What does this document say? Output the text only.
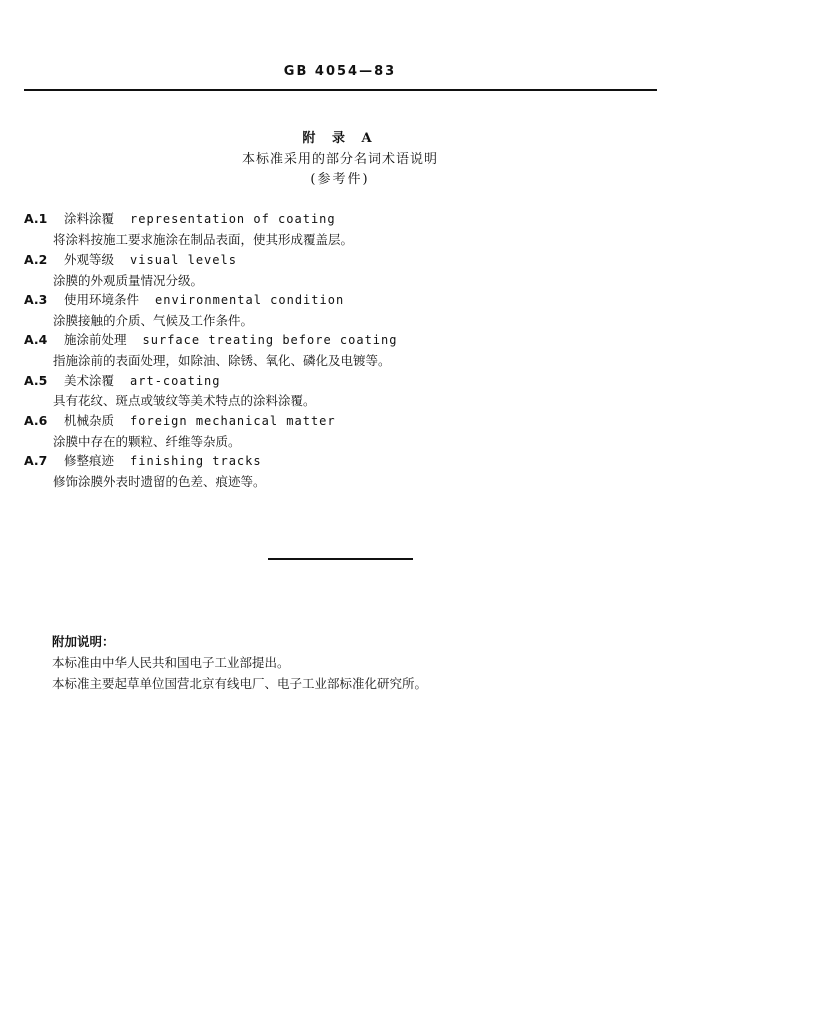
GB 4054—83
附 录 A
本标准采用的部分名词术语说明
(参考件)
A.1	涂料涂覆 representation of coating
将涂料按施工要求施涂在制品表面，使其形成覆盖层。
A.2	外观等级 visual levels
涂膜的外观质量情况分级。
A.3	使用环境条件 environmental condition
涂膜接触的介质、气候及工作条件。
A.4	施涂前处理 surface treating before coating
指施涂前的表面处理，如除油、除锈、氧化、磷化及电镀等。
A.5	美术涂覆 art-coating
具有花纹、斑点或皱纹等美术特点的涂料涂覆。
A.6	机械杂质 foreign mechanical matter
涂膜中存在的颗粒、纤维等杂质。
A.7	修整痕迹 finishing tracks
修饰涂膜外表时遗留的色差、痕迹等。
附加说明：
本标准由中华人民共和国电子工业部提出。
本标准主要起草单位国营北京有线电厂、电子工业部标准化研究所。
